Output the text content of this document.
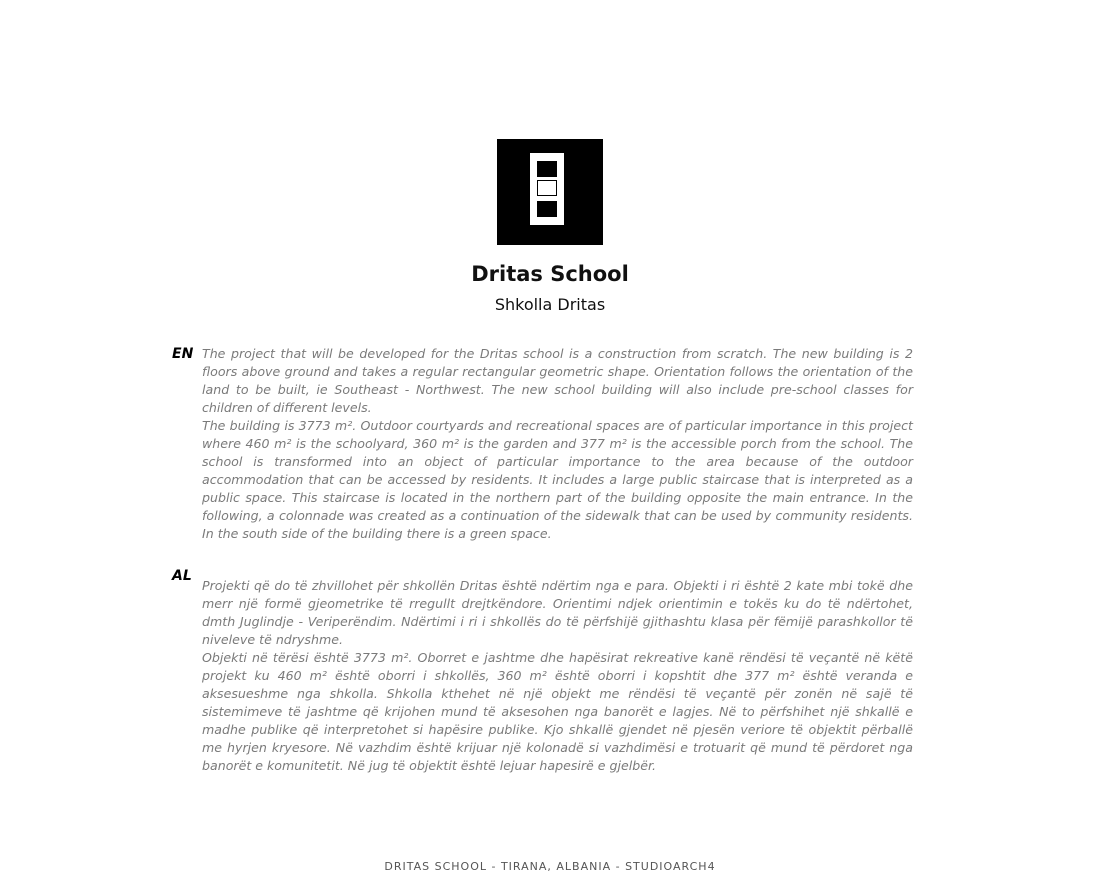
Dritas School
Shkolla Dritas
EN The project that will be developed for the Dritas school is a construction from scratch. The new building is 2 floors above ground and takes a regular rectangular geometric shape. Orientation follows the orientation of the land to be built, ie Southeast - Northwest. The new school building will also include pre-school classes for children of different levels.

The building is 3773 m². Outdoor courtyards and recreational spaces are of particular importance in this project where 460 m² is the schoolyard, 360 m² is the garden and 377 m² is the accessible porch from the school. The school is transformed into an object of particular importance to the area because of the outdoor accommodation that can be accessed by residents. It includes a large public staircase that is interpreted as a public space. This staircase is located in the northern part of the building opposite the main entrance. In the following, a colonnade was created as a continuation of the sidewalk that can be used by community residents. In the south side of the building there is a green space.

AL

Projekti që do të zhvillohet për shkollën Dritas është ndërtim nga e para. Objekti i ri është 2 kate mbi tokë dhe merr një formë gjeometrike të rregullt drejtkëndore. Orientimi ndjek orientimin e tokës ku do të ndërtohet, dmth Juglindje - Veriperëndim. Ndërtimi i ri i shkollës do të përfshijë gjithashtu klasa për fëmijë parashkollor të niveleve të ndryshme.

Objekti në tërësi është 3773 m². Oborret e jashtme dhe hapësirat rekreative kanë rëndësi të veçantë në këtë projekt ku 460 m² është oborri i shkollës, 360 m² është oborri i kopshtit dhe 377 m² është veranda e aksesueshme nga shkolla. Shkolla kthehet në një objekt me rëndësi të veçantë për zonën në sajë të sistemimeve të jashtme që krijohen mund të aksesohen nga banorët e lagjes. Në to përfshihet një shkallë e madhe publike që interpretohet si hapësire publike. Kjo shkallë gjendet në pjesën veriore të objektit përballë me hyrjen kryesore. Në vazhdim është krijuar një kolonadë si vazhdimësi e trotuarit që mund të përdoret nga banorët e komunitetit. Në jug të objektit është lejuar hapesirë e gjelbër.

DRITAS SCHOOL - TIRANA, ALBANIA - STUDIOARCH4
